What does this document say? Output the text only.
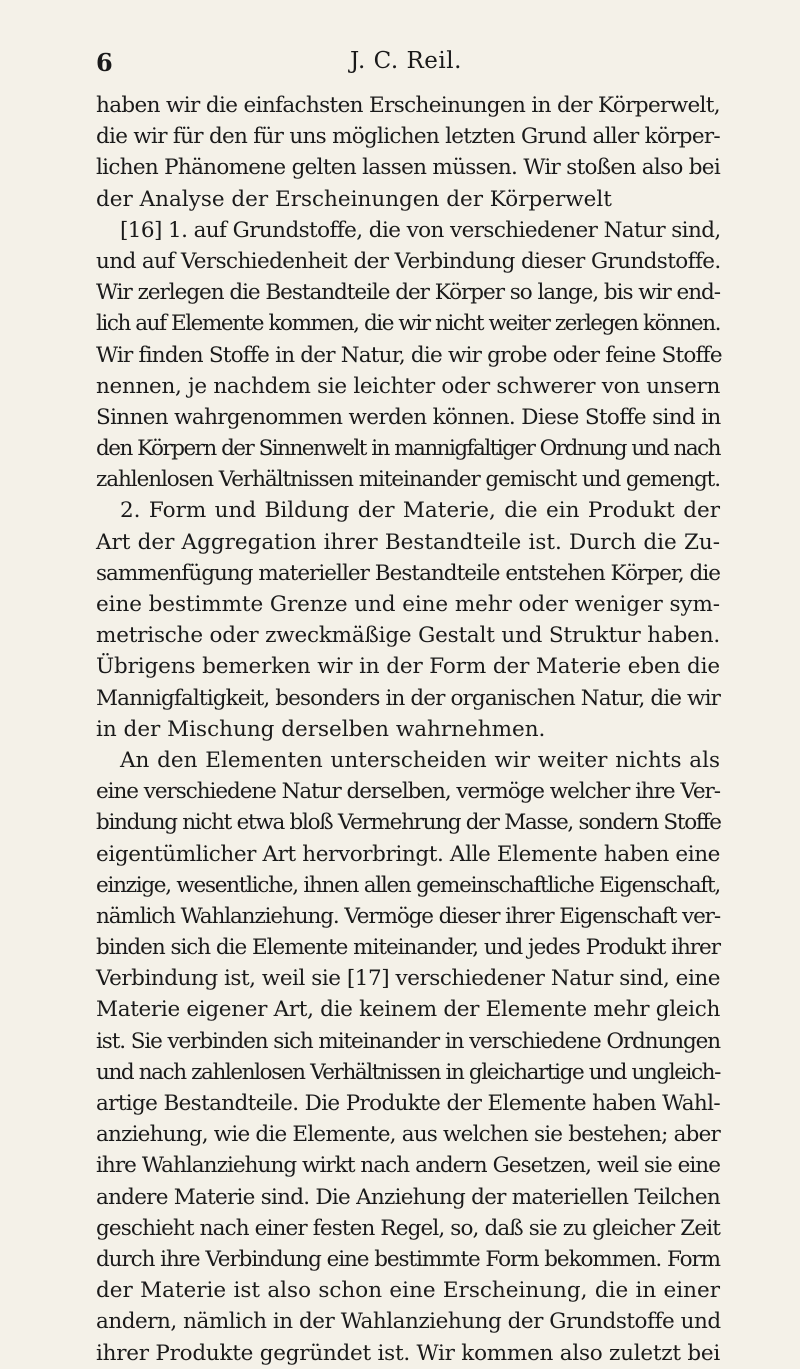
6	J. C. Reil.
haben wir die einfachsten Erscheinungen in der Körperwelt,
die wir für den für uns möglichen letzten Grund aller körper-
lichen Phänomene gelten lassen müssen. Wir stoßen also bei
der Analyse der Erscheinungen der Körperwelt
[16] 1. auf Grundstoffe, die von verschiedener Natur sind,
und auf Verschiedenheit der Verbindung dieser Grundstoffe.
Wir zerlegen die Bestandteile der Körper so lange, bis wir end-
lich auf Elemente kommen, die wir nicht weiter zerlegen können.
Wir finden Stoffe in der Natur, die wir grobe oder feine Stoffe
nennen, je nachdem sie leichter oder schwerer von unsern
Sinnen wahrgenommen werden können. Diese Stoffe sind in
den Körpern der Sinnenwelt in mannigfaltiger Ordnung und nach
zahlenlosen Verhältnissen miteinander gemischt und gemengt.
2. Form und Bildung der Materie, die ein Produkt der
Art der Aggregation ihrer Bestandteile ist. Durch die Zu-
sammenfügung materieller Bestandteile entstehen Körper, die
eine bestimmte Grenze und eine mehr oder weniger sym-
metrische oder zweckmäßige Gestalt und Struktur haben.
Übrigens bemerken wir in der Form der Materie eben die
Mannigfaltigkeit, besonders in der organischen Natur, die wir
in der Mischung derselben wahrnehmen.
An den Elementen unterscheiden wir weiter nichts als
eine verschiedene Natur derselben, vermöge welcher ihre Ver-
bindung nicht etwa bloß Vermehrung der Masse, sondern Stoffe
eigentümlicher Art hervorbringt. Alle Elemente haben eine
einzige, wesentliche, ihnen allen gemeinschaftliche Eigenschaft,
nämlich Wahlanziehung. Vermöge dieser ihrer Eigenschaft ver-
binden sich die Elemente miteinander, und jedes Produkt ihrer
Verbindung ist, weil sie [17] verschiedener Natur sind, eine
Materie eigener Art, die keinem der Elemente mehr gleich
ist. Sie verbinden sich miteinander in verschiedene Ordnungen
und nach zahlenlosen Verhältnissen in gleichartige und ungleich-
artige Bestandteile. Die Produkte der Elemente haben Wahl-
anziehung, wie die Elemente, aus welchen sie bestehen; aber
ihre Wahlanziehung wirkt nach andern Gesetzen, weil sie eine
andere Materie sind. Die Anziehung der materiellen Teilchen
geschieht nach einer festen Regel, so, daß sie zu gleicher Zeit
durch ihre Verbindung eine bestimmte Form bekommen. Form
der Materie ist also schon eine Erscheinung, die in einer
andern, nämlich in der Wahlanziehung der Grundstoffe und
ihrer Produkte gegründet ist. Wir kommen also zuletzt bei
